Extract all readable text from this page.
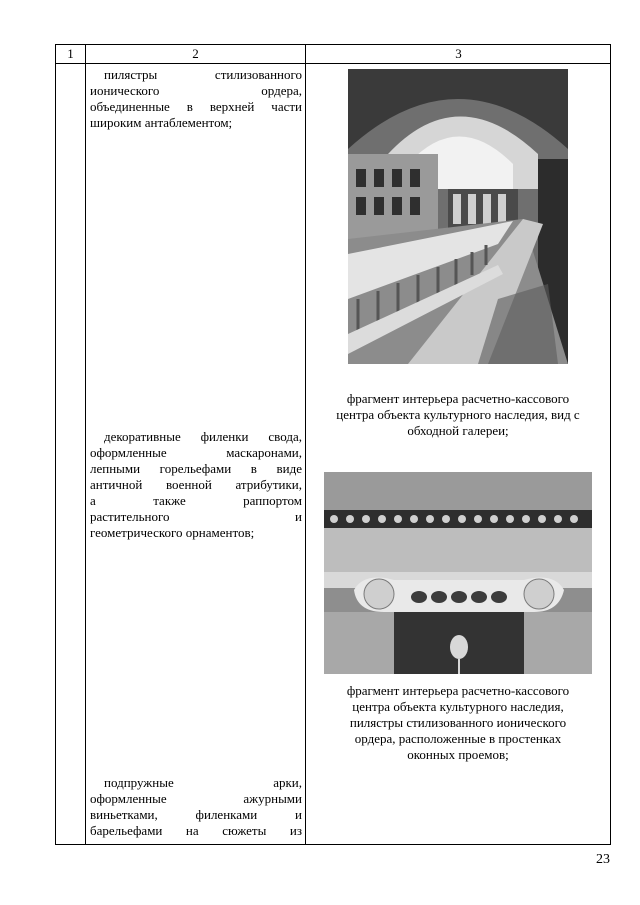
1	2	3
пилястры стилизованного
ионического ордера,
объединенные в верхней части широким антаблементом;
декоративные филенки свода,
оформленные маскаронами,
лепными горельефами в виде
античной военной атрибутики,
а также раппортом
растительного и
геометрического орнаментов;
подпружные арки,
оформленные ажурными
виньетками, филенками и
барельефами на сюжеты из
фрагмент интерьера расчетно-кассового
центра объекта культурного наследия, вид с
обходной галереи;
фрагмент интерьера расчетно-кассового
центра объекта культурного наследия,
пилястры стилизованного ионического
ордера, расположенные в простенках
оконных проемов;
23
